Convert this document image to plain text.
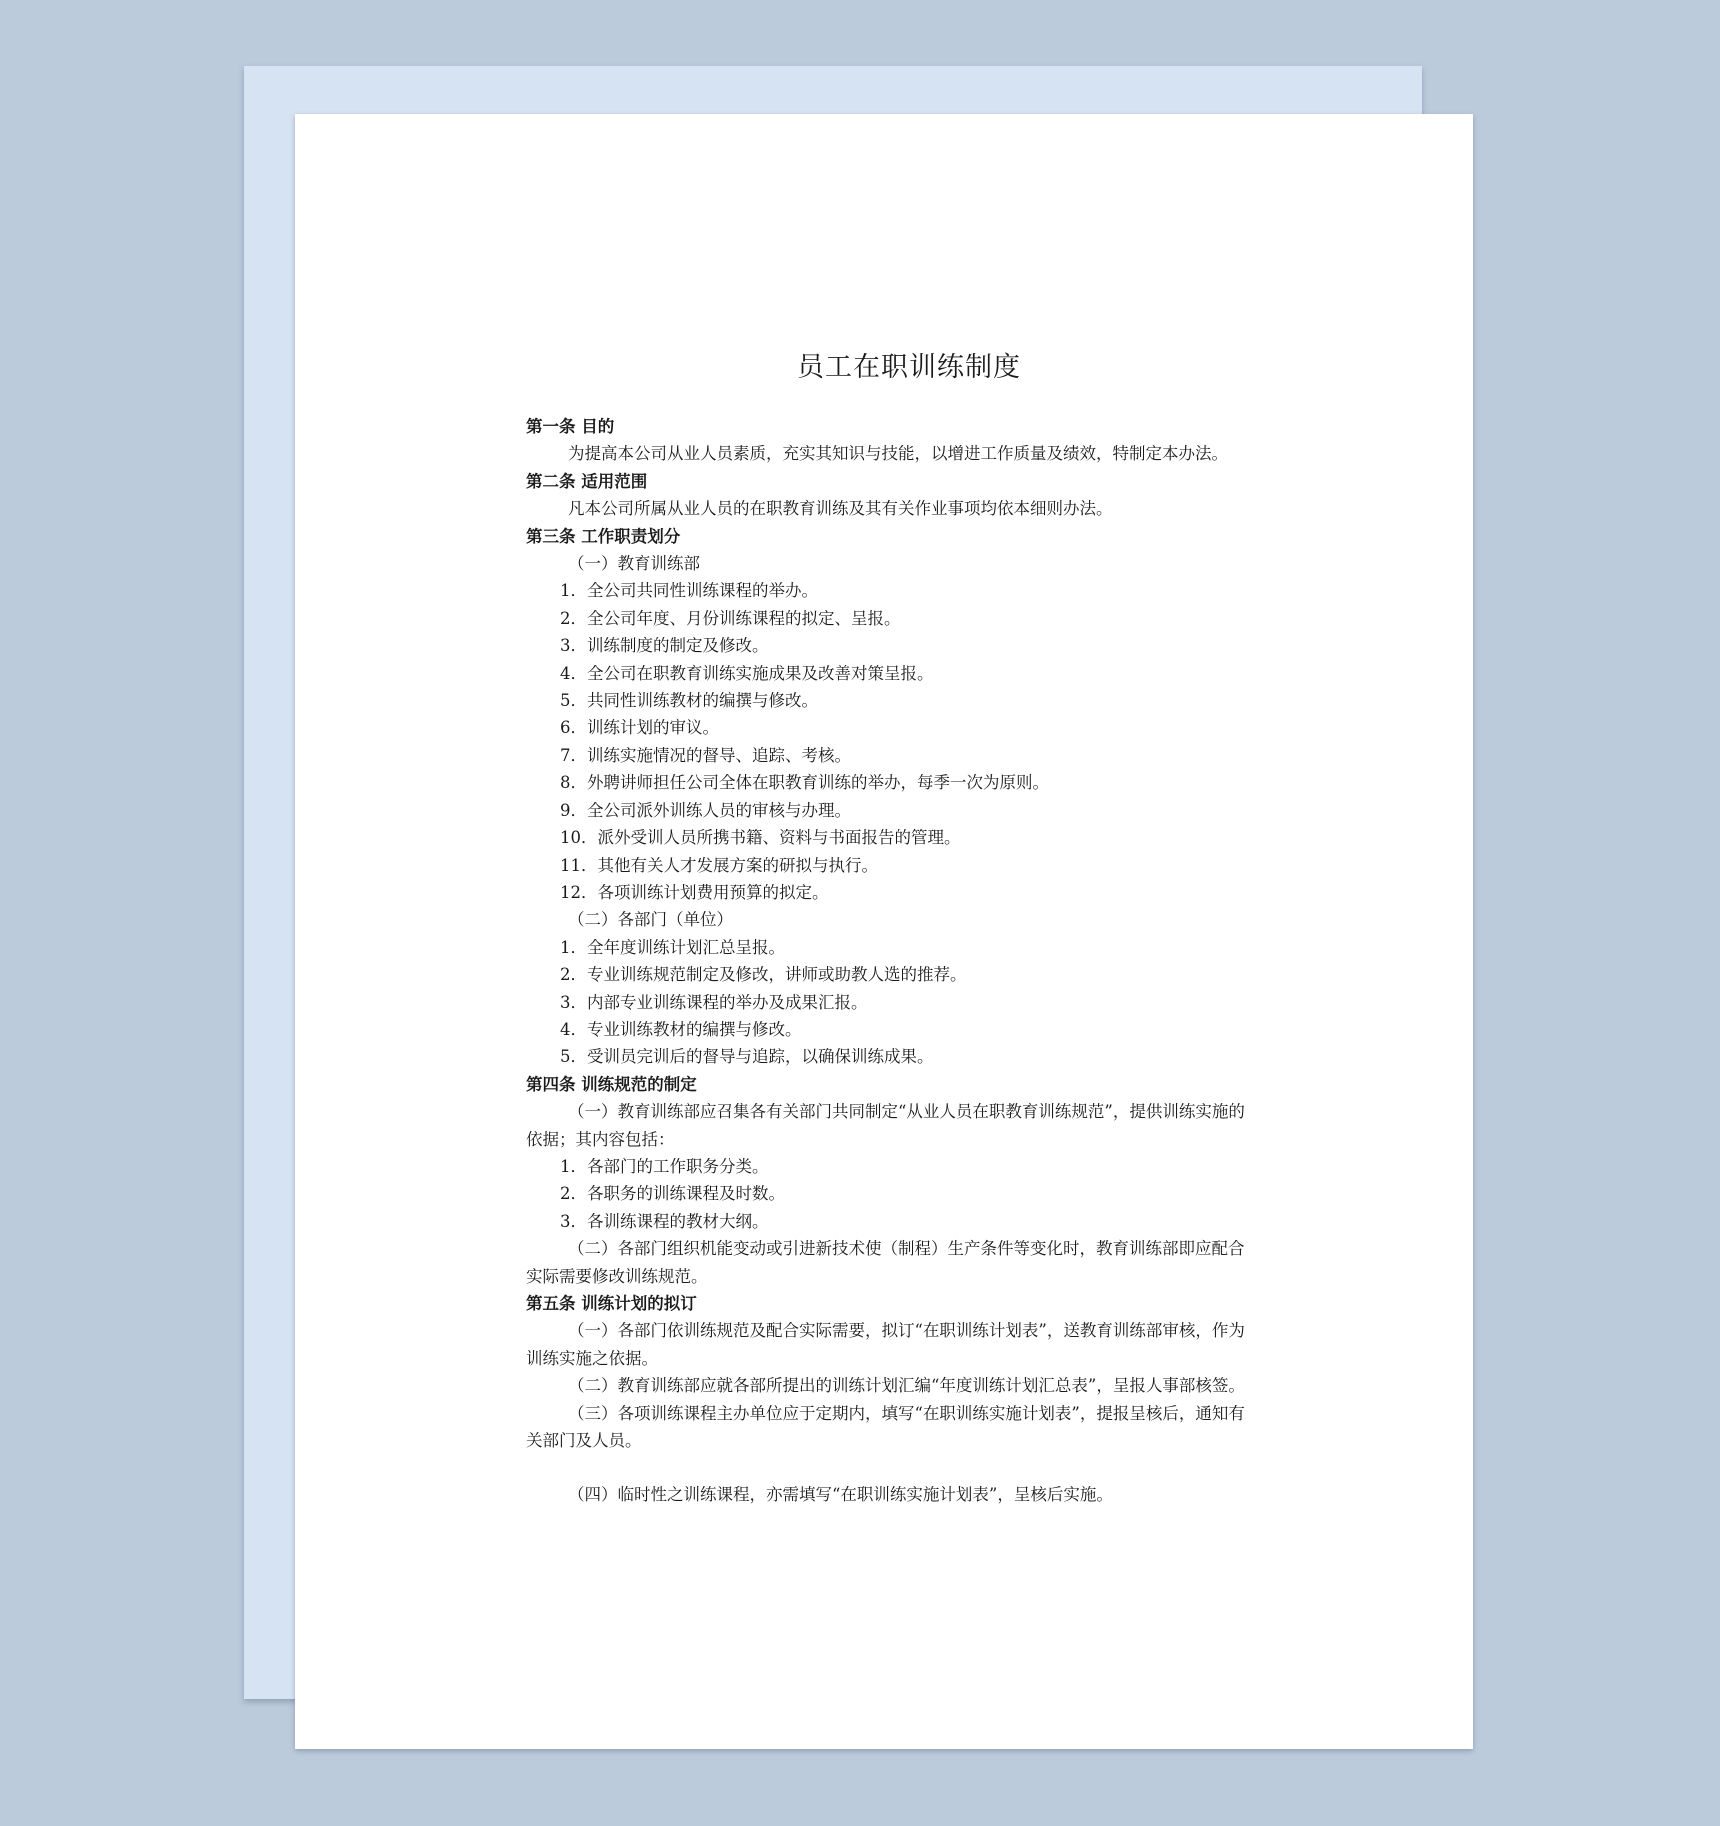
员工在职训练制度
第一条 目的
为提高本公司从业人员素质，充实其知识与技能，以增进工作质量及绩效，特制定本办法。
第二条 适用范围
凡本公司所属从业人员的在职教育训练及其有关作业事项均依本细则办法。
第三条 工作职责划分
（一）教育训练部
1．全公司共同性训练课程的举办。
2．全公司年度、月份训练课程的拟定、呈报。
3．训练制度的制定及修改。
4．全公司在职教育训练实施成果及改善对策呈报。
5．共同性训练教材的编撰与修改。
6．训练计划的审议。
7．训练实施情况的督导、追踪、考核。
8．外聘讲师担任公司全体在职教育训练的举办，每季一次为原则。
9．全公司派外训练人员的审核与办理。
10．派外受训人员所携书籍、资料与书面报告的管理。
11．其他有关人才发展方案的研拟与执行。
12．各项训练计划费用预算的拟定。
（二）各部门（单位）
1．全年度训练计划汇总呈报。
2．专业训练规范制定及修改，讲师或助教人选的推荐。
3．内部专业训练课程的举办及成果汇报。
4．专业训练教材的编撰与修改。
5．受训员完训后的督导与追踪，以确保训练成果。
第四条 训练规范的制定
（一）教育训练部应召集各有关部门共同制定“从业人员在职教育训练规范”，提供训练实施的
依据；其内容包括：
1．各部门的工作职务分类。
2．各职务的训练课程及时数。
3．各训练课程的教材大纲。
（二）各部门组织机能变动或引进新技术使（制程）生产条件等变化时，教育训练部即应配合
实际需要修改训练规范。
第五条 训练计划的拟订
（一）各部门依训练规范及配合实际需要，拟订“在职训练计划表”，送教育训练部审核，作为
训练实施之依据。
（二）教育训练部应就各部所提出的训练计划汇编“年度训练计划汇总表”，呈报人事部核签。
（三）各项训练课程主办单位应于定期内，填写“在职训练实施计划表”，提报呈核后，通知有
关部门及人员。
（四）临时性之训练课程，亦需填写“在职训练实施计划表”，呈核后实施。
